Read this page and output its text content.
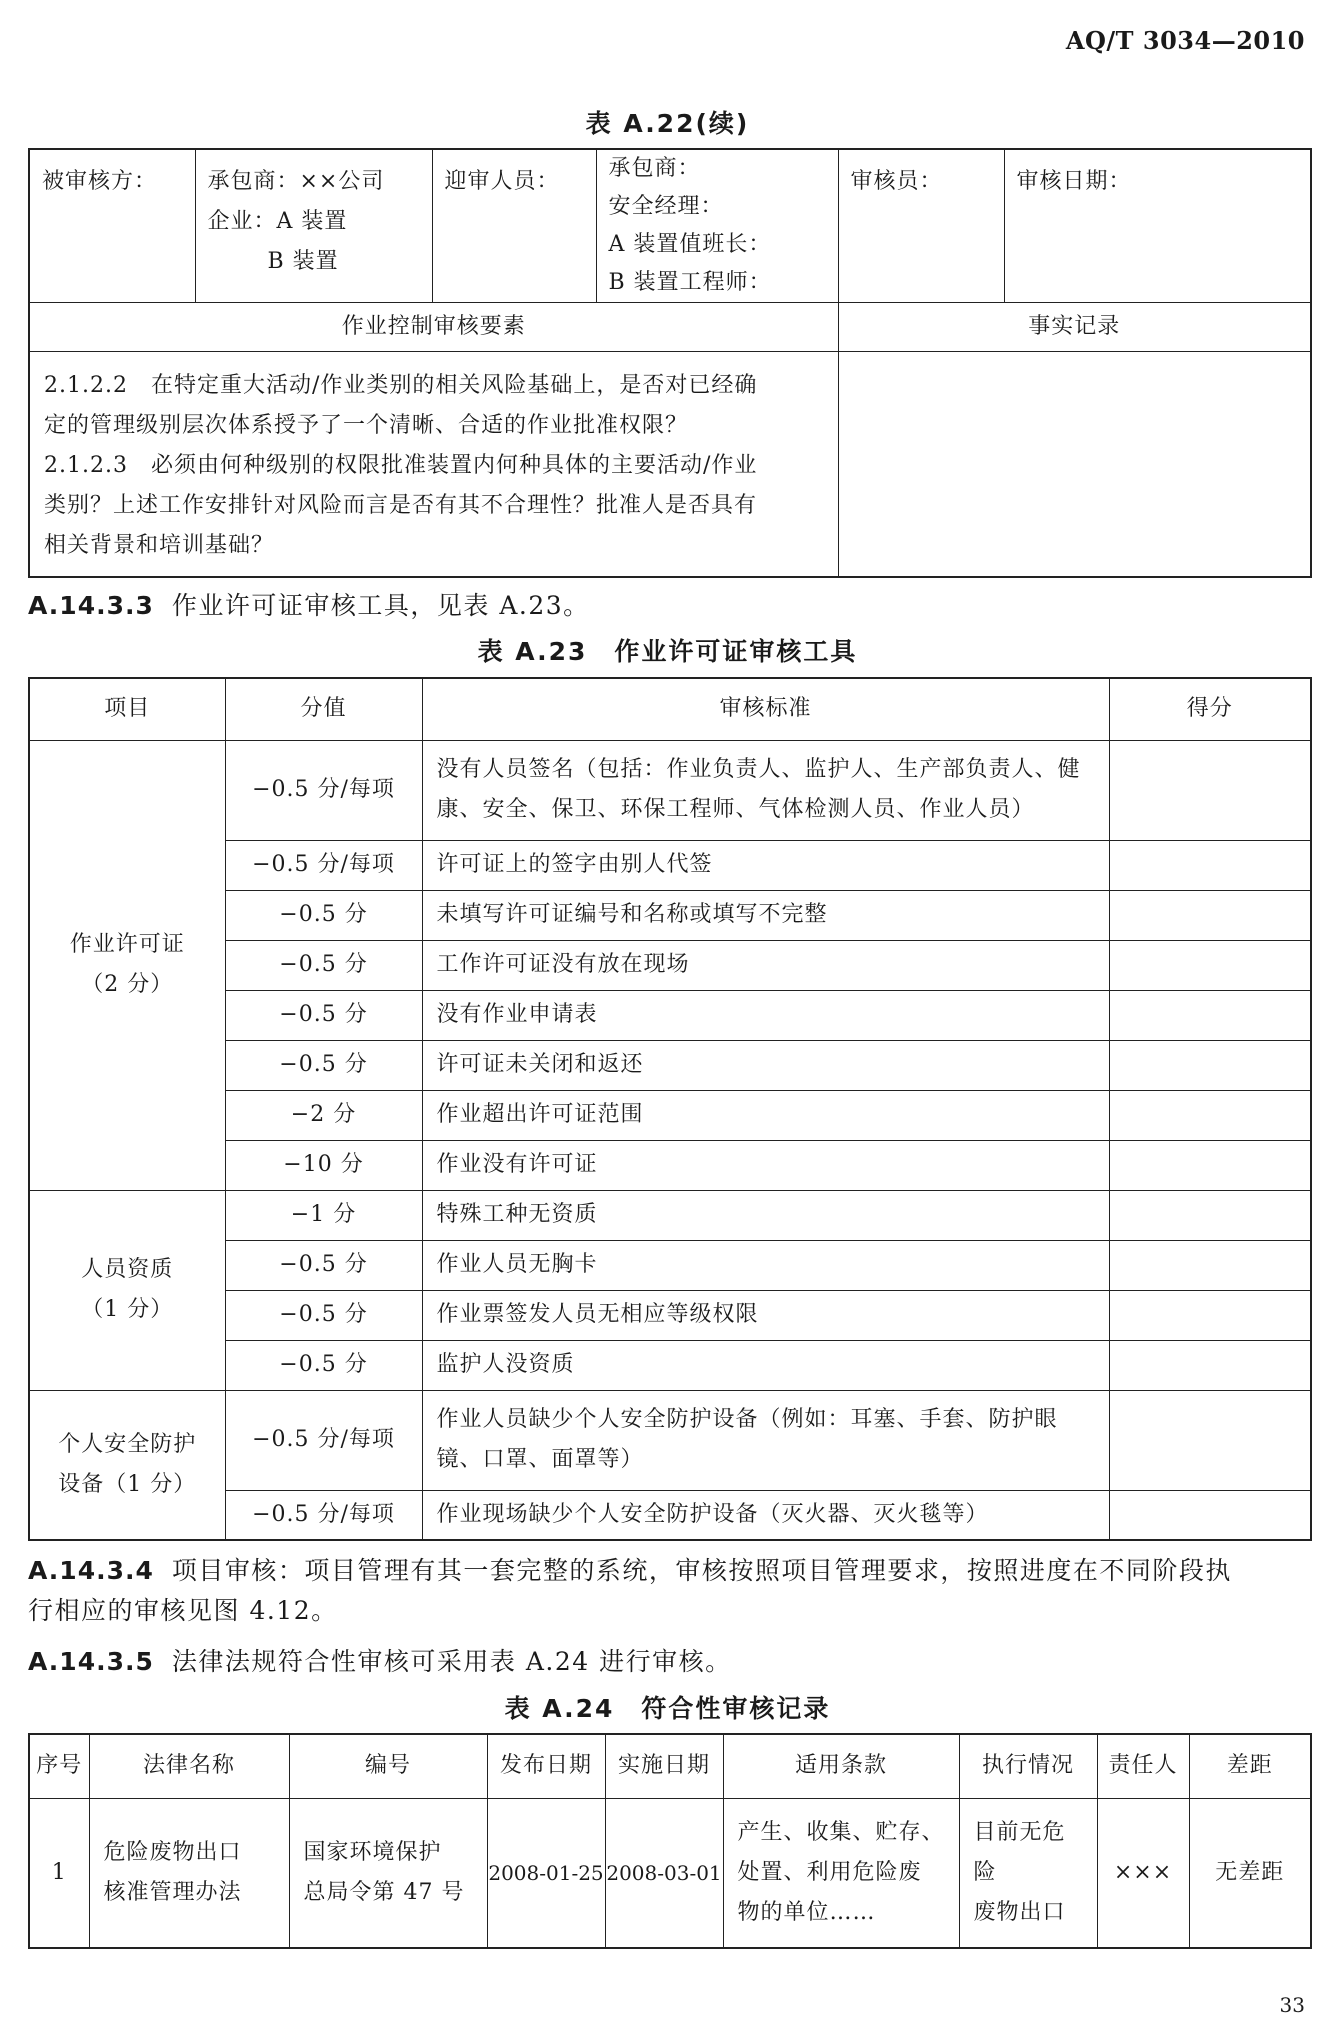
AQ/T 3034—2010
表 A.22(续)
被审核方：	承包商：××公司
企业：A 装置
B 装置	迎审人员：	承包商：
安全经理：
A 装置值班长：
B 装置工程师：	审核员：	审核日期：
作业控制审核要素				事实记录	

2.1.2.2　在特定重大活动/作业类别的相关风险基础上，是否对已经确
定的管理级别层次体系授予了一个清晰、合适的作业批准权限？
2.1.2.3　必须由何种级别的权限批准装置内何种具体的主要活动/作业
类别？上述工作安排针对风险而言是否有其不合理性？批准人是否具有
相关背景和培训基础？					

A.14.3.3 作业许可证审核工具，见表 A.23。
表 A.23　作业许可证审核工具
项目	分值	审核标准	得分

作业许可证
（2 分）	−0.5 分/每项	没有人员签名（包括：作业负责人、监护人、生产部负责人、健
康、安全、保卫、环保工程师、气体检测人员、作业人员）	

	−0.5 分/每项	许可证上的签字由别人代签	
	−0.5 分	未填写许可证编号和名称或填写不完整	
	−0.5 分	工作许可证没有放在现场	
	−0.5 分	没有作业申请表	
	−0.5 分	许可证未关闭和返还	
	−2 分	作业超出许可证范围	
	−10 分	作业没有许可证	

人员资质
（1 分）	−1 分	特殊工种无资质	
	−0.5 分	作业人员无胸卡	
	−0.5 分	作业票签发人员无相应等级权限	
	−0.5 分	监护人没资质	

个人安全防护
设备（1 分）	−0.5 分/每项	作业人员缺少个人安全防护设备（例如：耳塞、手套、防护眼
镜、口罩、面罩等）	

	−0.5 分/每项	作业现场缺少个人安全防护设备（灭火器、灭火毯等）	
A.14.3.4 项目审核：项目管理有其一套完整的系统，审核按照项目管理要求，按照进度在不同阶段执
行相应的审核见图 4.12。
A.14.3.5 法律法规符合性审核可采用表 A.24 进行审核。
表 A.24　符合性审核记录
序号	法律名称	编号	发布日期	实施日期	适用条款	执行情况	责任人	差距
1	危险废物出口
核准管理办法	国家环境保护
总局令第 47 号	2008-01-25	2008-03-01	产生、收集、贮存、
处置、利用危险废
物的单位……	目前无危险
废物出口	×××	无差距
33
